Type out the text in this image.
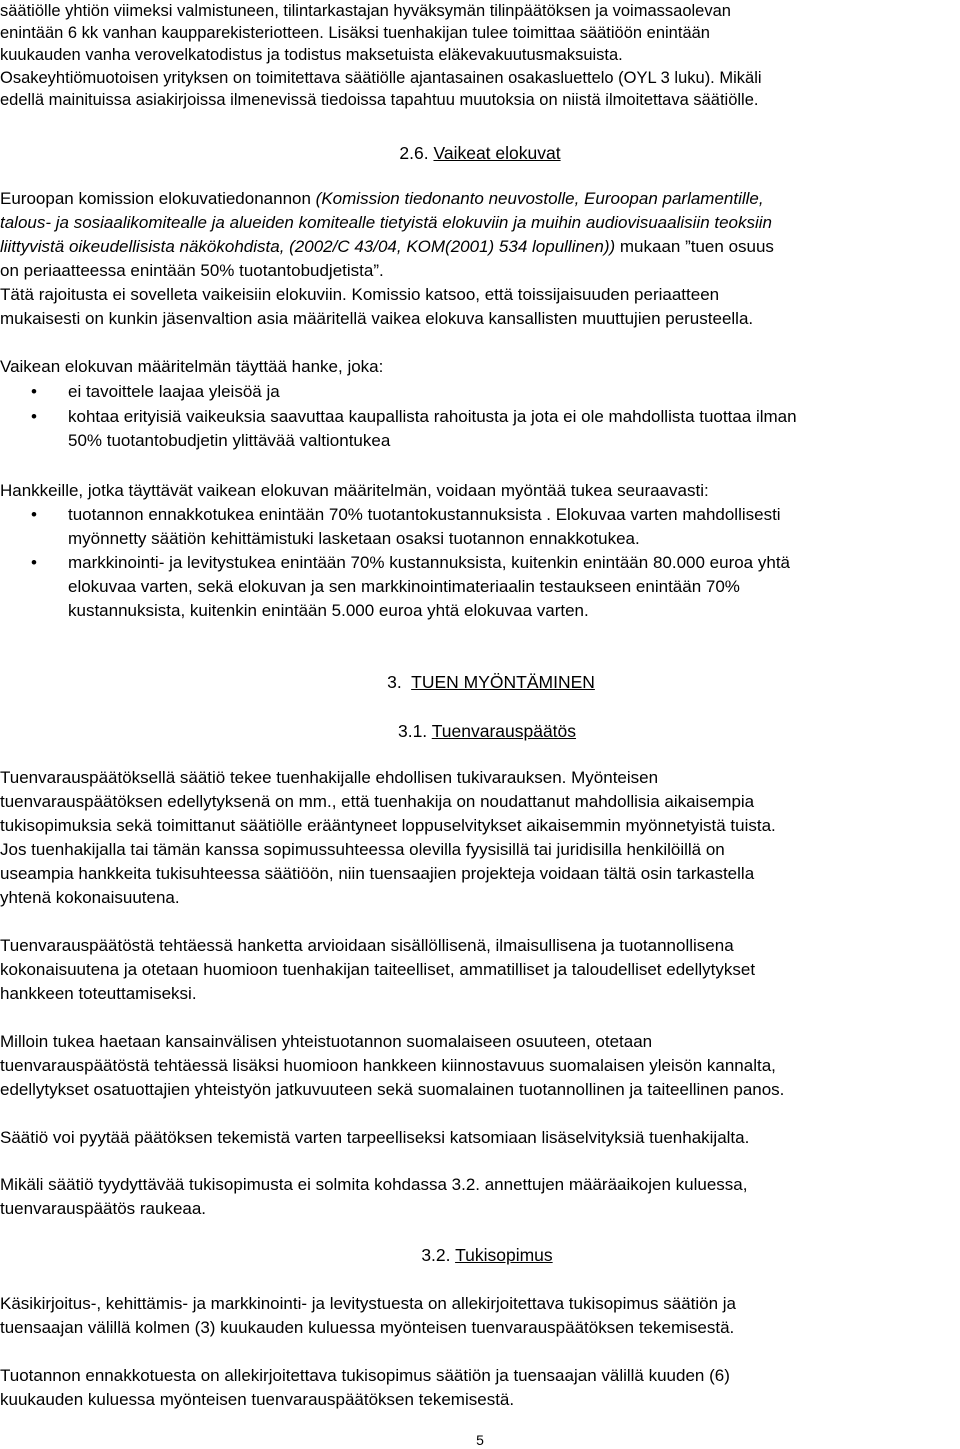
säätiölle yhtiön viimeksi valmistuneen, tilintarkastajan hyväksymän tilinpäätöksen ja voimassaolevan
enintään 6 kk vanhan kaupparekisteriotteen. Lisäksi tuenhakijan tulee toimittaa säätiöön enintään
kuukauden vanha verovelkatodistus ja todistus maksetuista eläkevakuutusmaksuista.
Osakeyhtiömuotoisen yrityksen on toimitettava säätiölle ajantasainen osakasluettelo (OYL 3 luku). Mikäli
edellä mainituissa asiakirjoissa ilmenevissä tiedoissa tapahtuu muutoksia on niistä ilmoitettava säätiölle.
2.6. Vaikeat elokuvat
Euroopan komission elokuvatiedonannon (Komission tiedonanto neuvostolle, Euroopan parlamentille,
talous- ja sosiaalikomitealle ja alueiden komitealle tietyistä elokuviin ja muihin audiovisuaalisiin teoksiin
liittyvistä oikeudellisista näkökohdista, (2002/C 43/04, KOM(2001) 534 lopullinen)) mukaan ”tuen osuus
on periaatteessa enintään 50% tuotantobudjetista”.
Tätä rajoitusta ei sovelleta vaikeisiin elokuviin. Komissio katsoo, että toissijaisuuden periaatteen
mukaisesti on kunkin jäsenvaltion asia määritellä vaikea elokuva kansallisten muuttujien perusteella.
Vaikean elokuvan määritelmän täyttää hanke, joka:
• ei tavoittele laajaa yleisöä ja
• kohtaa erityisiä vaikeuksia saavuttaa kaupallista rahoitusta ja jota ei ole mahdollista tuottaa ilman
50% tuotantobudjetin ylittävää valtiontukea
Hankkeille, jotka täyttävät vaikean elokuvan määritelmän, voidaan myöntää tukea seuraavasti:
• tuotannon ennakkotukea enintään 70% tuotantokustannuksista . Elokuvaa varten mahdollisesti
myönnetty säätiön kehittämistuki lasketaan osaksi tuotannon ennakkotukea.
• markkinointi- ja levitystukea enintään 70% kustannuksista, kuitenkin enintään 80.000 euroa yhtä
elokuvaa varten, sekä elokuvan ja sen markkinointimateriaalin testaukseen enintään 70%
kustannuksista, kuitenkin enintään 5.000 euroa yhtä elokuvaa varten.
3. TUEN MYÖNTÄMINEN
3.1. Tuenvarauspäätös
Tuenvarauspäätöksellä säätiö tekee tuenhakijalle ehdollisen tukivarauksen. Myönteisen
tuenvarauspäätöksen edellytyksenä on mm., että tuenhakija on noudattanut mahdollisia aikaisempia
tukisopimuksia sekä toimittanut säätiölle erääntyneet loppuselvitykset aikaisemmin myönnetyistä tuista.
Jos tuenhakijalla tai tämän kanssa sopimussuhteessa olevilla fyysisillä tai juridisilla henkilöillä on
useampia hankkeita tukisuhteessa säätiöön, niin tuensaajien projekteja voidaan tältä osin tarkastella
yhtenä kokonaisuutena.
Tuenvarauspäätöstä tehtäessä hanketta arvioidaan sisällöllisenä, ilmaisullisena ja tuotannollisena
kokonaisuutena ja otetaan huomioon tuenhakijan taiteelliset, ammatilliset ja taloudelliset edellytykset
hankkeen toteuttamiseksi.
Milloin tukea haetaan kansainvälisen yhteistuotannon suomalaiseen osuuteen, otetaan
tuenvarauspäätöstä tehtäessä lisäksi huomioon hankkeen kiinnostavuus suomalaisen yleisön kannalta,
edellytykset osatuottajien yhteistyön jatkuvuuteen sekä suomalainen tuotannollinen ja taiteellinen panos.
Säätiö voi pyytää päätöksen tekemistä varten tarpeelliseksi katsomiaan lisäselvityksiä tuenhakijalta.
Mikäli säätiö tyydyttävää tukisopimusta ei solmita kohdassa 3.2. annettujen määräaikojen kuluessa,
tuenvarauspäätös raukeaa.
3.2. Tukisopimus
Käsikirjoitus-, kehittämis- ja markkinointi- ja levitystuesta on allekirjoitettava tukisopimus säätiön ja
tuensaajan välillä kolmen (3) kuukauden kuluessa myönteisen tuenvarauspäätöksen tekemisestä.
Tuotannon ennakkotuesta on allekirjoitettava tukisopimus säätiön ja tuensaajan välillä kuuden (6)
kuukauden kuluessa myönteisen tuenvarauspäätöksen tekemisestä.
5
